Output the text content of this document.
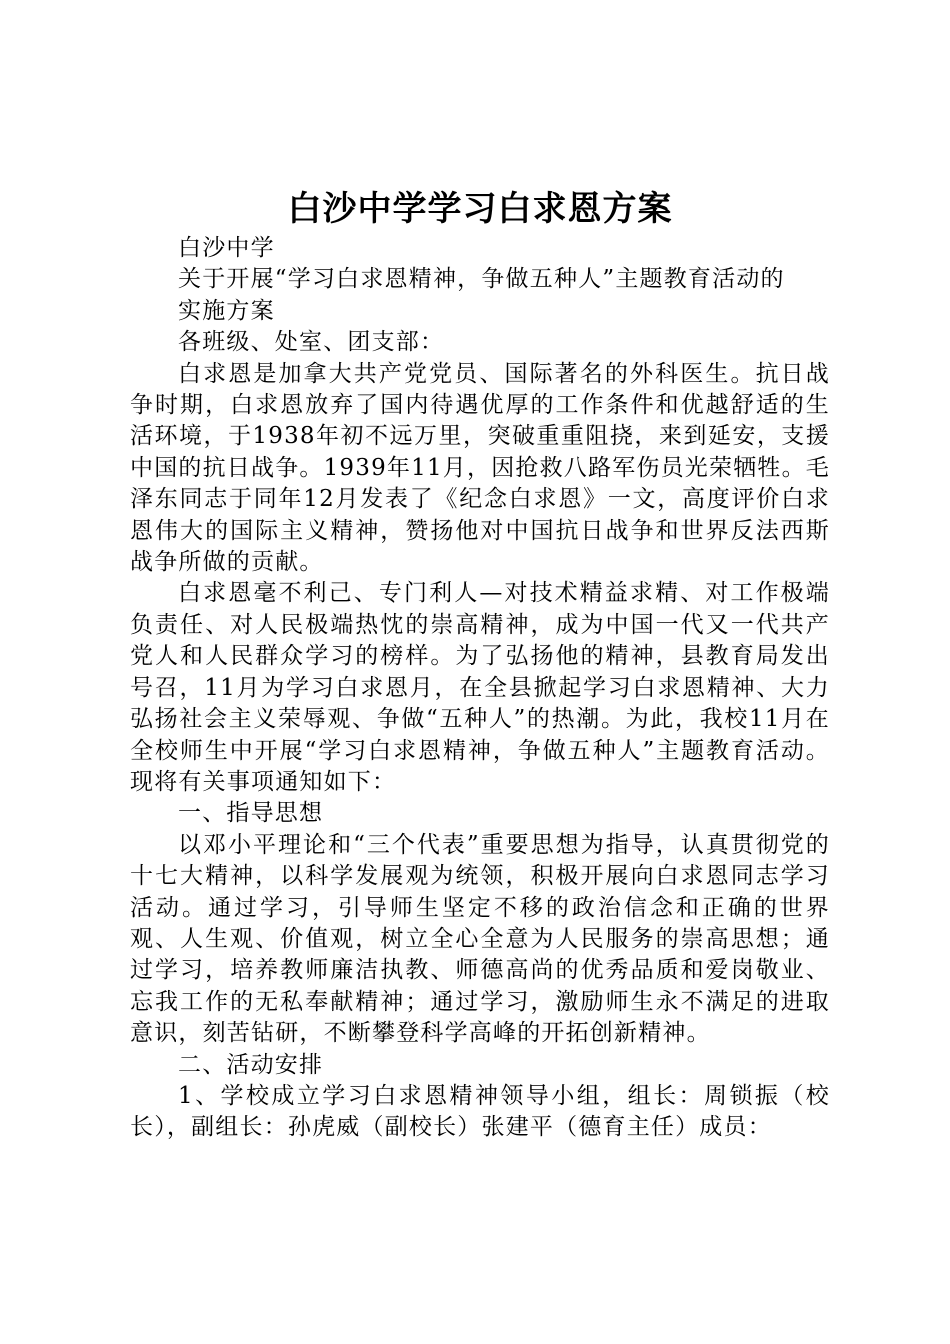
白沙中学学习白求恩方案

白沙中学

关于开展“学习白求恩精神，争做五种人”主题教育活动的

实施方案

各班级、处室、团支部：

白求恩是加拿大共产党党员、国际著名的外科医生。抗日战争时期，白求恩放弃了国内待遇优厚的工作条件和优越舒适的生活环境，于1938年初不远万里，突破重重阻挠，来到延安，支援中国的抗日战争。1939年11月，因抢救八路军伤员光荣牺牲。毛泽东同志于同年12月发表了《纪念白求恩》一文，高度评价白求恩伟大的国际主义精神，赞扬他对中国抗日战争和世界反法西斯战争所做的贡献。

白求恩毫不利己、专门利人—对技术精益求精、对工作极端负责任、对人民极端热忱的崇高精神，成为中国一代又一代共产党人和人民群众学习的榜样。为了弘扬他的精神，县教育局发出号召，11月为学习白求恩月，在全县掀起学习白求恩精神、大力弘扬社会主义荣辱观、争做“五种人”的热潮。为此，我校11月在全校师生中开展“学习白求恩精神，争做五种人”主题教育活动。现将有关事项通知如下：

一、指导思想

以邓小平理论和“三个代表”重要思想为指导，认真贯彻党的十七大精神，以科学发展观为统领，积极开展向白求恩同志学习活动。通过学习，引导师生坚定不移的政治信念和正确的世界观、人生观、价值观，树立全心全意为人民服务的崇高思想；通过学习，培养教师廉洁执教、师德高尚的优秀品质和爱岗敬业、忘我工作的无私奉献精神；通过学习，激励师生永不满足的进取意识，刻苦钻研，不断攀登科学高峰的开拓创新精神。

二、活动安排

1、学校成立学习白求恩精神领导小组，组长：周锁振（校长），副组长：孙虎威（副校长）张建平（德育主任）成员：
